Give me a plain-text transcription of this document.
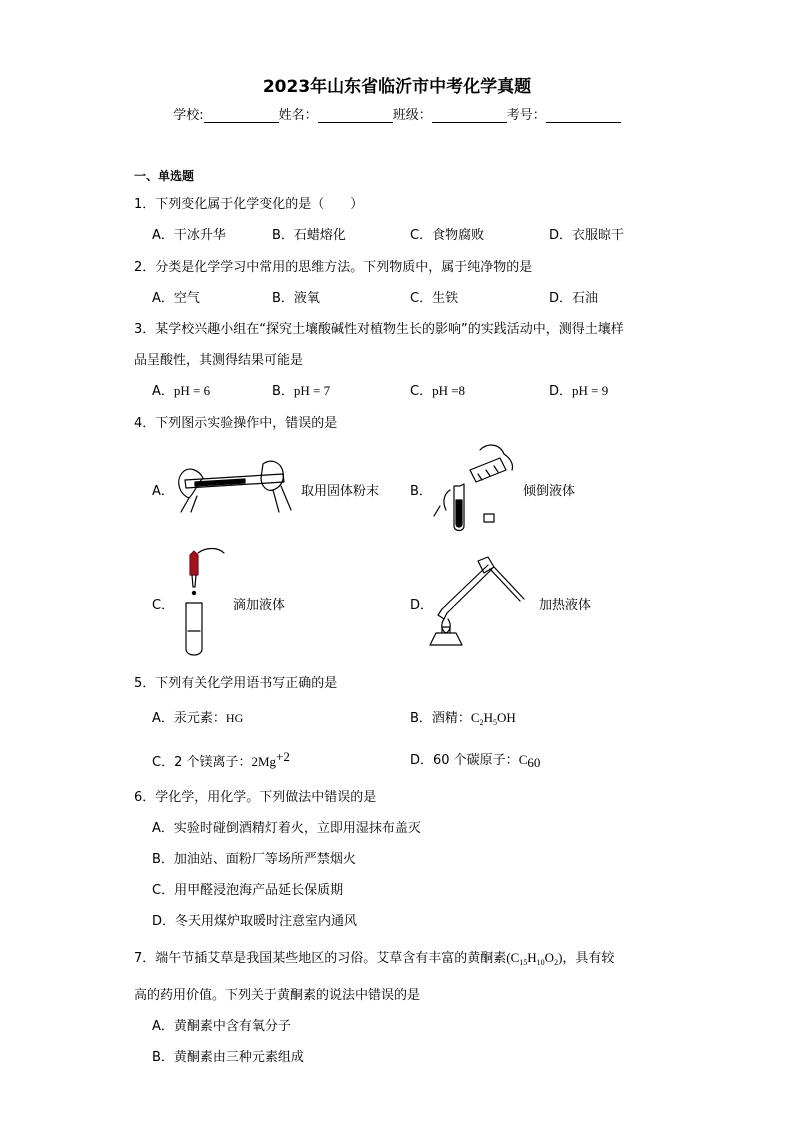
2023年山东省临沂市中考化学真题
学校:	姓名：	班级：	考号：
一、单选题
1．下列变化属于化学变化的是（　　）
A．干冰升华	B．石蜡熔化	C．食物腐败	D．衣服晾干
2．分类是化学学习中常用的思维方法。下列物质中，属于纯净物的是
A．空气	B．液氧	C．生铁	D．石油
3．某学校兴趣小组在“探究土壤酸碱性对植物生长的影响”的实践活动中，测得土壤样
品呈酸性，其测得结果可能是
A．pH = 6	B．pH = 7	C．pH =8	D．pH = 9
4．下列图示实验操作中，错误的是
A．	取用固体粉末 B．	倾倒液体
C．	滴加液体	D．	加热液体
5．下列有关化学用语书写正确的是
A．汞元素：HG	B．酒精：$C_2H_5OH$
C．2 个镁离子：2Mg+2	D．60 个碳原子：C60
6．学化学，用化学。下列做法中错误的是
A．实验时碰倒酒精灯着火，立即用湿抹布盖灭
B．加油站、面粉厂等场所严禁烟火
C．用甲醛浸泡海产品延长保质期
D．冬天用煤炉取暖时注意室内通风
7．端午节插艾草是我国某些地区的习俗。艾草含有丰富的黄酮素$(C_{15}H_{10}O_2)$，具有较
高的药用价值。下列关于黄酮素的说法中错误的是
A．黄酮素中含有氧分子
B．黄酮素由三种元素组成
